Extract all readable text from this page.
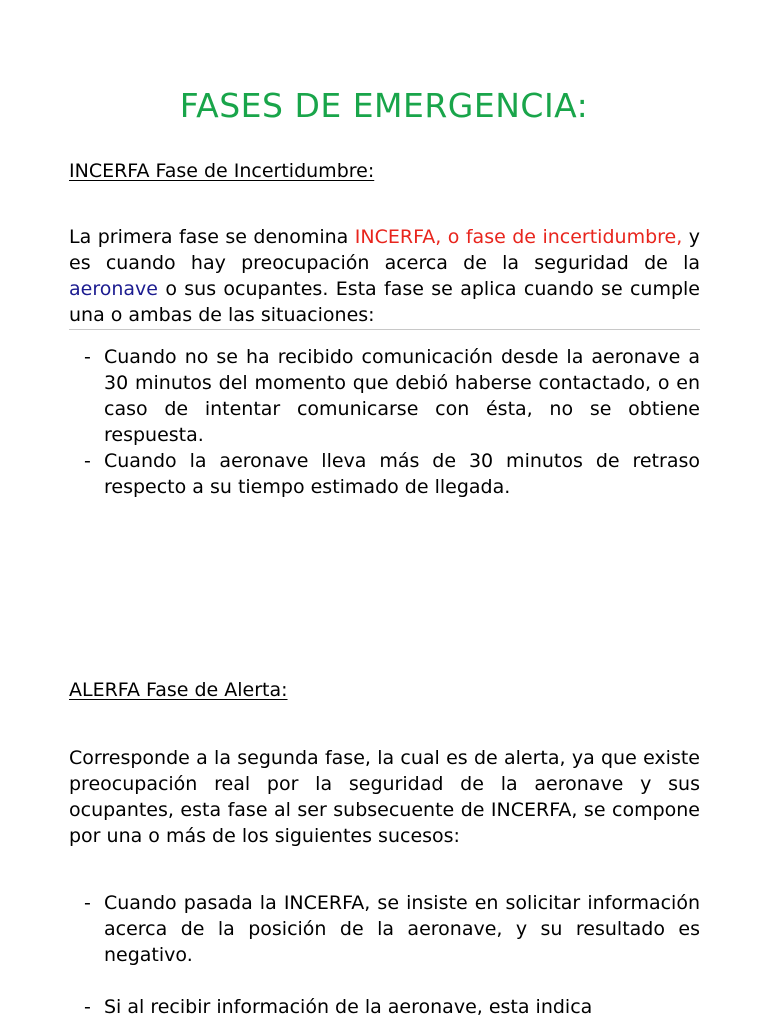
FASES DE EMERGENCIA:
INCERFA Fase de Incertidumbre:

La primera fase se denomina INCERFA, o fase de incertidumbre, y es cuando hay preocupación acerca de la seguridad de la aeronave o sus ocupantes. Esta fase se aplica cuando se cumple una o ambas de las situaciones:

- Cuando no se ha recibido comunicación desde la aeronave a 30 minutos del momento que debió haberse contactado, o en caso de intentar comunicarse con ésta, no se obtiene respuesta.
- Cuando la aeronave lleva más de 30 minutos de retraso respecto a su tiempo estimado de llegada.
ALERFA Fase de Alerta:

Corresponde a la segunda fase, la cual es de alerta, ya que existe preocupación real por la seguridad de la aeronave y sus ocupantes, esta fase al ser subsecuente de INCERFA, se compone por una o más de los siguientes sucesos:

- Cuando pasada la INCERFA, se insiste en solicitar información acerca de la posición de la aeronave, y su resultado es negativo.
- Si al recibir información de la aeronave, esta indica
